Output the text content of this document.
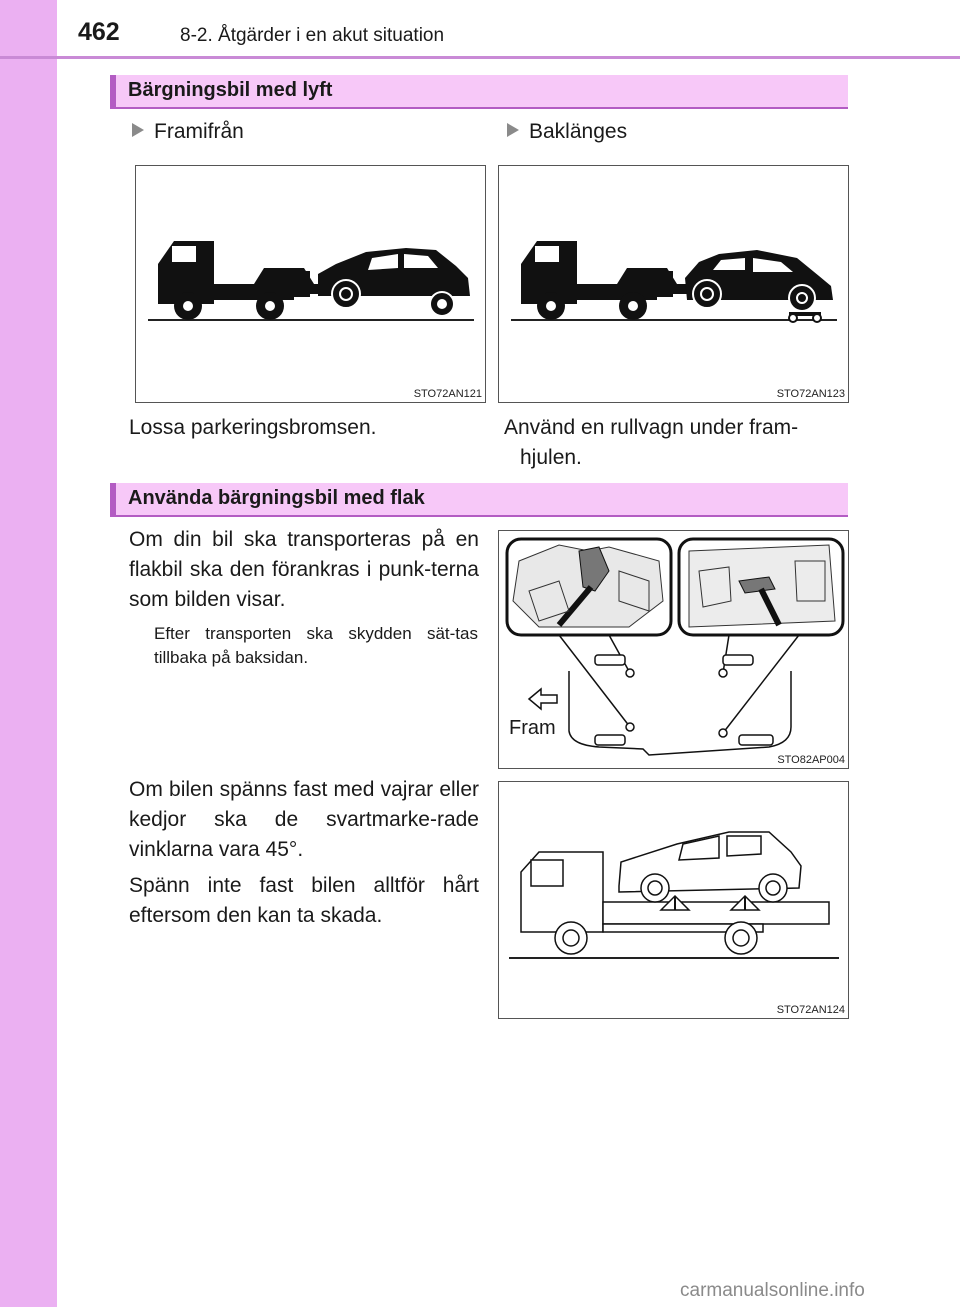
462	8-2. Åtgärder i en akut situation
Bärgningsbil med lyft
Framifrån	Baklänges
STO72AN121	STO72AN123
Lossa parkeringsbromsen.	Använd en rullvagn under fram-
hjulen.
Använda bärgningsbil med flak
Om din bil ska transporteras på en flakbil ska den förankras i punk-terna som bilden visar.
Efter transporten ska skydden sät-tas tillbaka på baksidan.
Fram
STO82AP004
Om bilen spänns fast med vajrar eller kedjor ska de svartmarke-rade vinklarna vara 45°.
Spänn inte fast bilen alltför hårt eftersom den kan ta skada.
STO72AN124
carmanualsonline.info
